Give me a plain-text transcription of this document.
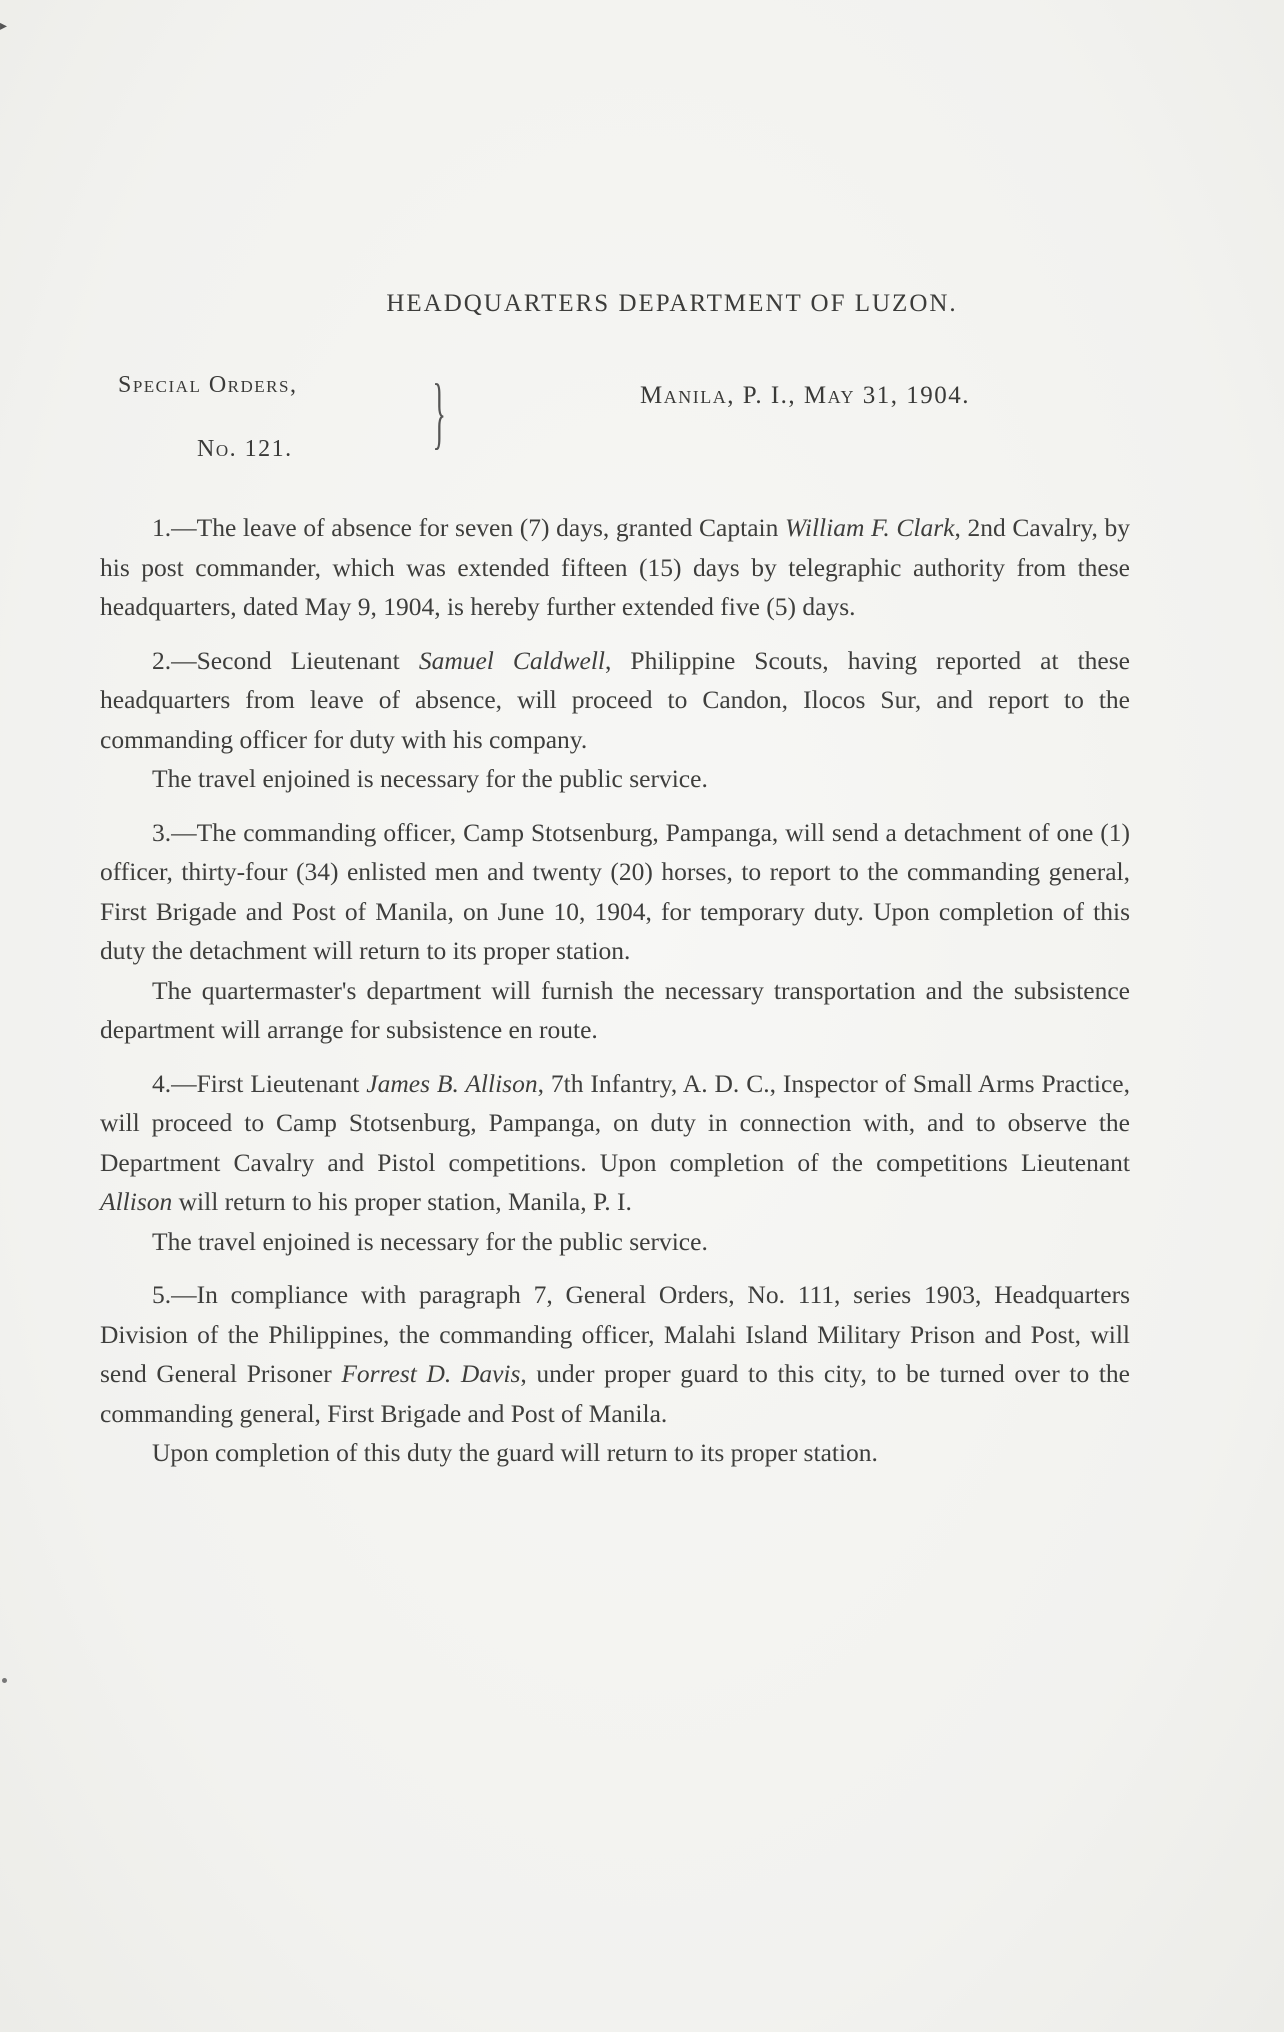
▸
HEADQUARTERS DEPARTMENT OF LUZON.
Special Orders,
No. 121. }	Manila, P. I., May 31, 1904.

1.—The leave of absence for seven (7) days, granted Captain William F. Clark, 2nd Cavalry, by his post commander, which was extended fifteen (15) days by telegraphic authority from these headquarters, dated May 9, 1904, is hereby further extended five (5) days.

2.—Second Lieutenant Samuel Caldwell, Philippine Scouts, having reported at these headquarters from leave of absence, will proceed to Candon, Ilocos Sur, and report to the commanding officer for duty with his company.

The travel enjoined is necessary for the public service.

3.—The commanding officer, Camp Stotsenburg, Pampanga, will send a detachment of one (1) officer, thirty-four (34) enlisted men and twenty (20) horses, to report to the commanding general, First Brigade and Post of Manila, on June 10, 1904, for temporary duty. Upon completion of this duty the detachment will return to its proper station.

The quartermaster's department will furnish the necessary transportation and the subsistence department will arrange for subsistence en route.

4.—First Lieutenant James B. Allison, 7th Infantry, A. D. C., Inspector of Small Arms Practice, will proceed to Camp Stotsenburg, Pampanga, on duty in connection with, and to observe the Department Cavalry and Pistol competitions. Upon completion of the competitions Lieutenant Allison will return to his proper station, Manila, P. I.

The travel enjoined is necessary for the public service.

5.—In compliance with paragraph 7, General Orders, No. 111, series 1903, Headquarters Division of the Philippines, the commanding officer, Malahi Island Military Prison and Post, will send General Prisoner Forrest D. Davis, under proper guard to this city, to be turned over to the commanding general, First Brigade and Post of Manila.

Upon completion of this duty the guard will return to its proper station.
